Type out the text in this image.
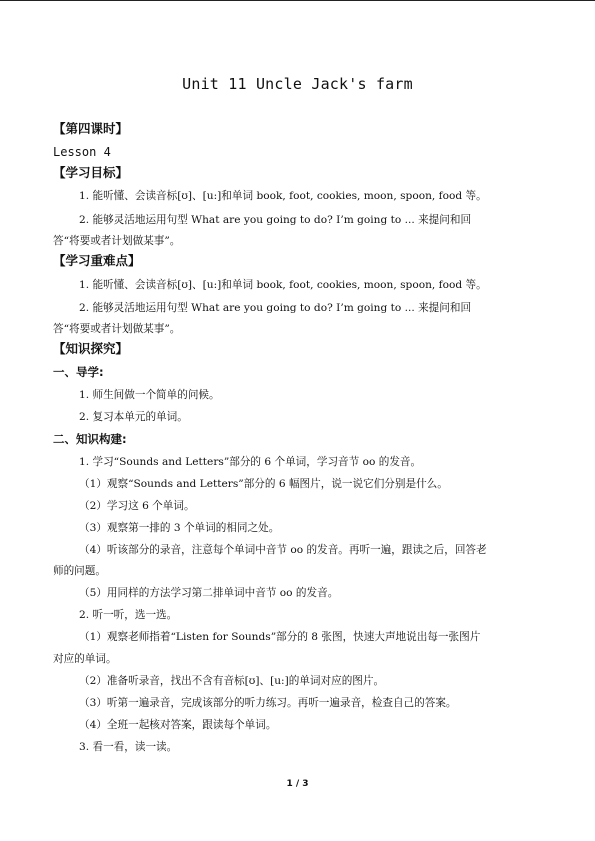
Unit 11 Uncle Jack's farm
【第四课时】
Lesson 4
【学习目标】
1. 能听懂、会读音标[ʊ]、[u:]和单词 book, foot, cookies, moon, spoon, food 等。
2. 能够灵活地运用句型 What are you going to do? I’m going to ... 来提问和回
答“将要或者计划做某事”。
【学习重难点】
1. 能听懂、会读音标[ʊ]、[u:]和单词 book, foot, cookies, moon, spoon, food 等。
2. 能够灵活地运用句型 What are you going to do? I’m going to ... 来提问和回
答“将要或者计划做某事”。
【知识探究】
一、导学:
1. 师生间做一个简单的问候。
2. 复习本单元的单词。
二、知识构建:
1. 学习“Sounds and Letters”部分的 6 个单词，学习音节 oo 的发音。
（1）观察“Sounds and Letters”部分的 6 幅图片，说一说它们分别是什么。
（2）学习这 6 个单词。
（3）观察第一排的 3 个单词的相同之处。
（4）听该部分的录音，注意每个单词中音节 oo 的发音。再听一遍，跟读之后，回答老
师的问题。
（5）用同样的方法学习第二排单词中音节 oo 的发音。
2. 听一听，选一选。
（1）观察老师指着“Listen for Sounds”部分的 8 张图，快速大声地说出每一张图片
对应的单词。
（2）准备听录音，找出不含有音标[ʊ]、[u:]的单词对应的图片。
（3）听第一遍录音，完成该部分的听力练习。再听一遍录音，检查自己的答案。
（4）全班一起核对答案，跟读每个单词。
3. 看一看，读一读。
1 / 3
